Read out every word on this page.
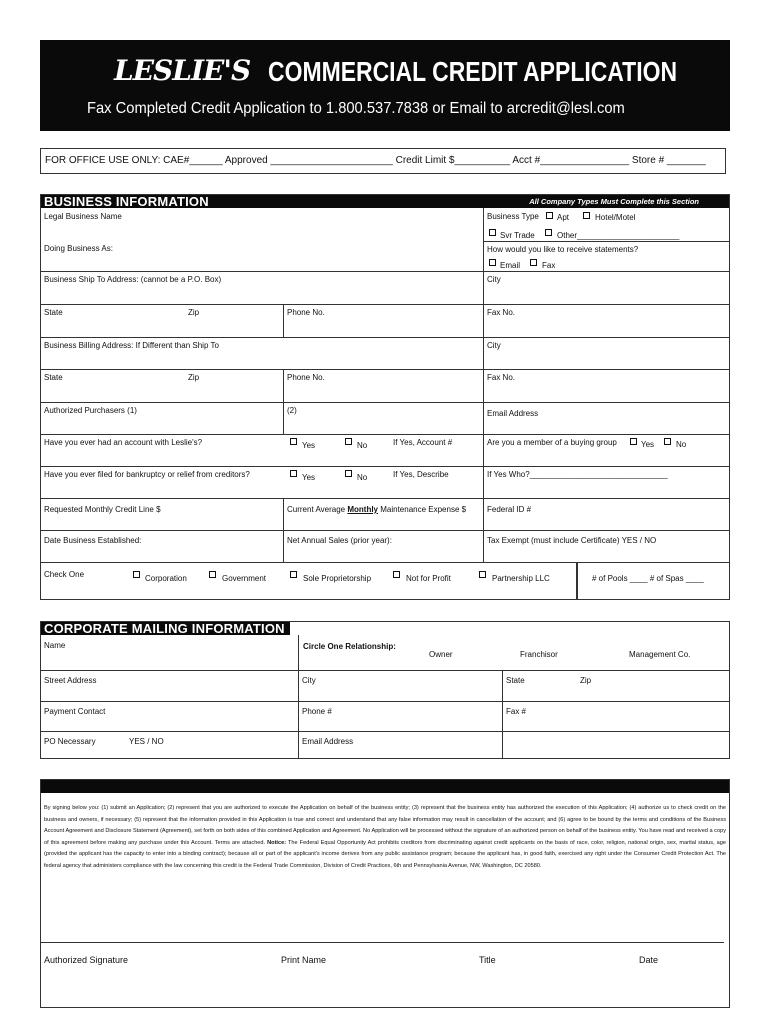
LESLIE'S COMMERCIAL CREDIT APPLICATION
Fax Completed Credit Application to 1.800.537.7838 or Email to arcredit@lesl.com
FOR OFFICE USE ONLY: CAE#______ Approved ______________________ Credit Limit $__________ Acct #________________ Store # _______
BUSINESS INFORMATION	All Company Types Must Complete this Section
Legal Business Name	Business Type Apt	Hotel/Motel
Svr Trade	Other_______________________
Doing Business As:	How would you like to receive statements?
Email	Fax
Business Ship To Address: (cannot be a P.O. Box)	City
State	Zip	Phone No.	Fax No.
Business Billing Address: If Different than Ship To	City
State	Zip	Phone No.	Fax No.
Authorized Purchasers (1)	(2)	Email Address
Have you ever had an account with Leslie's?	Yes	No	If Yes, Account #	Are you a member of a buying group	Yes	No
Have you ever filed for bankruptcy or relief from creditors?	Yes	No	If Yes, Describe	If Yes Who?_______________________________
Requested Monthly Credit Line $	Current Average Monthly Maintenance Expense $	Federal ID #
Date Business Established:	Net Annual Sales (prior year):	Tax Exempt (must include Certificate) YES / NO
Check One	Corporation	Government	Sole Proprietorship	Not for Profit	Partnership LLC	# of Pools ____ # of Spas ____
CORPORATE MAILING INFORMATION
Name	Circle One Relationship:
Owner	Franchisor	Management Co.
Street Address	City	State	Zip
Payment Contact	Phone #	Fax #
PO Necessary	YES / NO	Email Address
By signing below you: (1) submit an Application; (2) represent that you are authorized to execute the Application on behalf of the business entity; (3) represent that the business entity has authorized the execution of this Application; (4) authorize us to check credit on the business and owners, if necessary; (5) represent that the information provided in this Application is true and correct and understand that any false information may result in cancellation of the account; and (6) agree to be bound by the terms and conditions of the Business Account Agreement and Disclosure Statement (Agreement), set forth on both sides of this combined Application and Agreement. No Application will be processed without the signature of an authorized person on behalf of the business entity. You have read and received a copy of this agreement before making any purchase under this Account. Terms are attached. Notice: The Federal Equal Opportunity Act prohibits creditors from discriminating against credit applicants on the basis of race, color, religion, national origin, sex, marital status, age (provided the applicant has the capacity to enter into a binding contract); because all or part of the applicant's income derives from any public assistance program; because the applicant has, in good faith, exercised any right under the Consumer Credit Protection Act. The federal agency that administers compliance with the law concerning this credit is the Federal Trade Commission, Division of Credit Practices, 6th and Pennsylvania Avenue, NW, Washington, DC 20580.
Authorized Signature	Print Name	Title	Date
